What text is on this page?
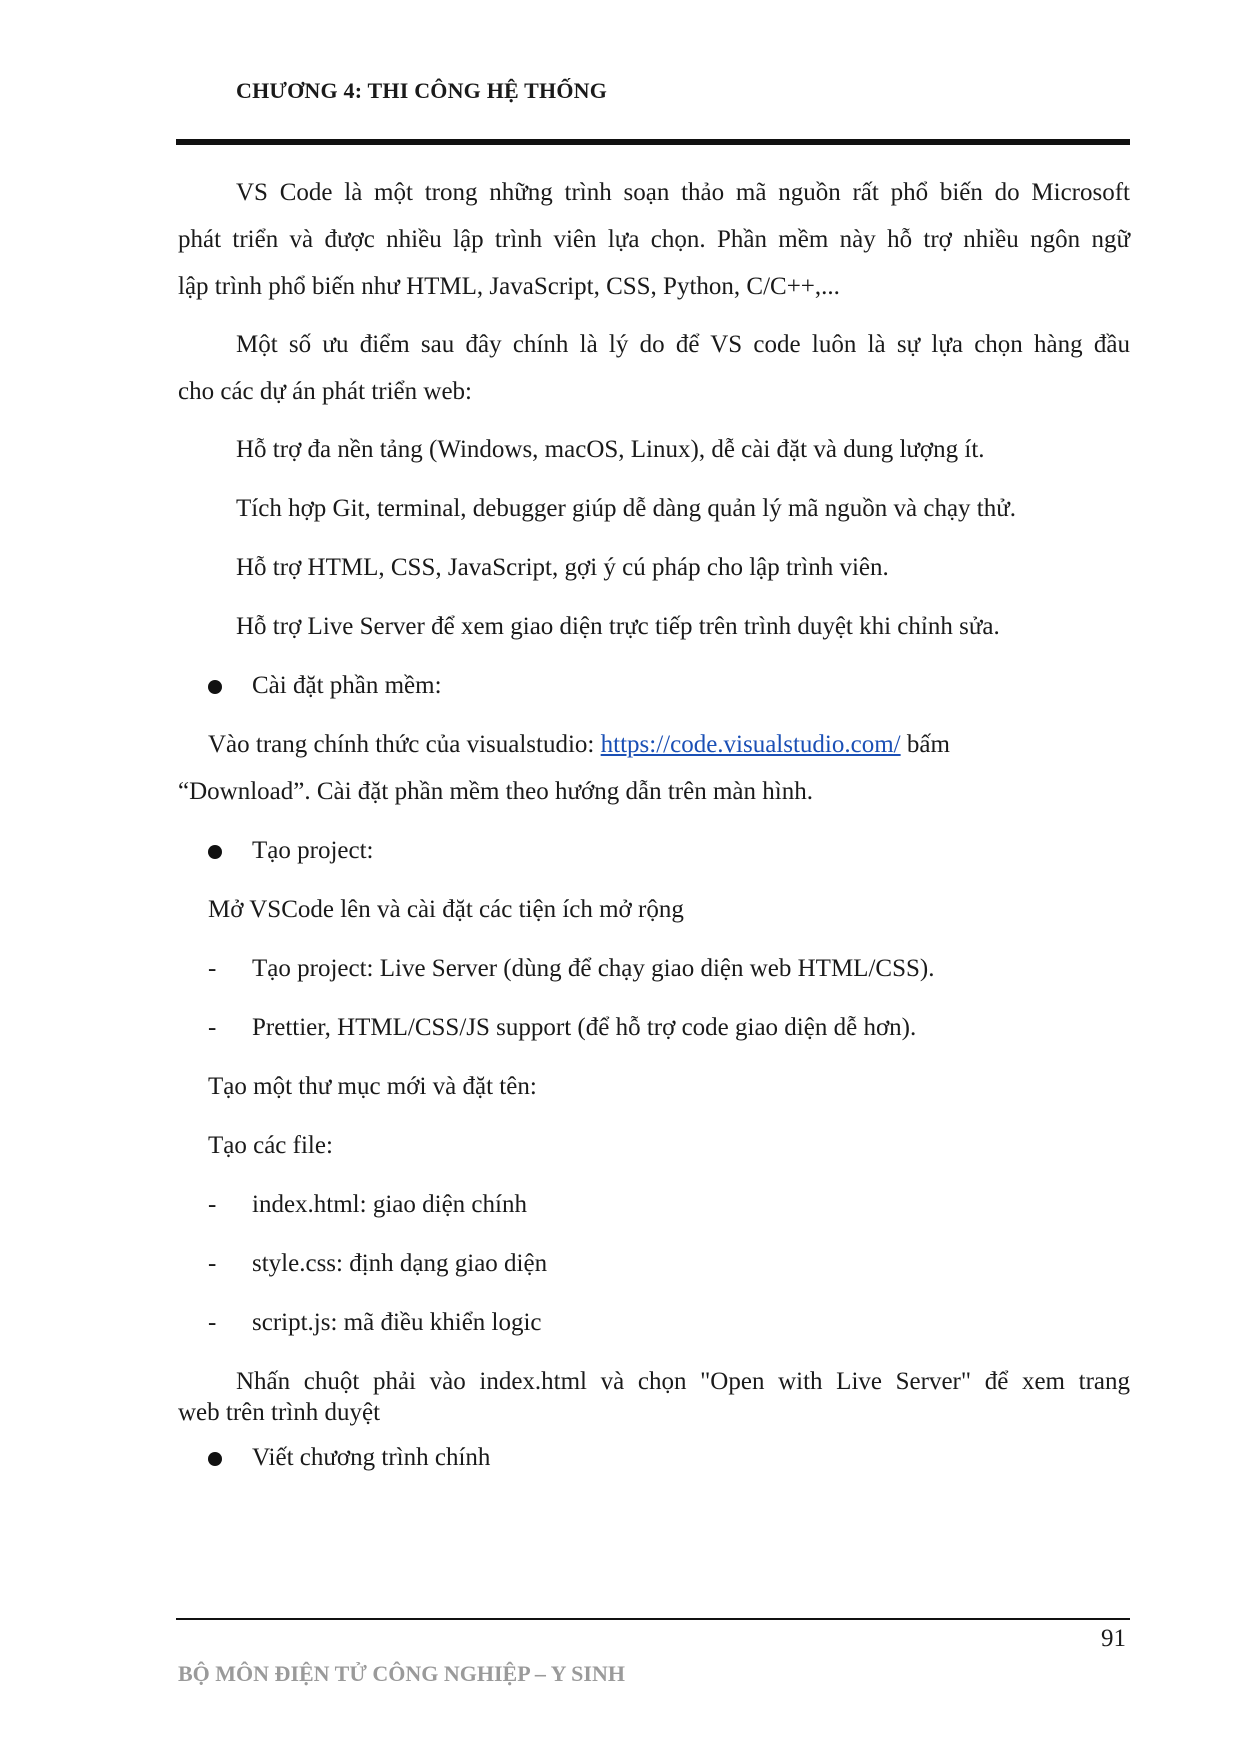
CHƯƠNG 4: THI CÔNG HỆ THỐNG
VS Code là một trong những trình soạn thảo mã nguồn rất phổ biến do Microsoft
phát triển và được nhiều lập trình viên lựa chọn. Phần mềm này hỗ trợ nhiều ngôn ngữ
lập trình phổ biến như HTML, JavaScript, CSS, Python, C/C++,...
Một số ưu điểm sau đây chính là lý do để VS code luôn là sự lựa chọn hàng đầu
cho các dự án phát triển web:
Hỗ trợ đa nền tảng (Windows, macOS, Linux), dễ cài đặt và dung lượng ít.
Tích hợp Git, terminal, debugger giúp dễ dàng quản lý mã nguồn và chạy thử.
Hỗ trợ HTML, CSS, JavaScript, gợi ý cú pháp cho lập trình viên.
Hỗ trợ Live Server để xem giao diện trực tiếp trên trình duyệt khi chỉnh sửa.
Cài đặt phần mềm:
Vào trang chính thức của visualstudio: https://code.visualstudio.com/ bấm
“Download”. Cài đặt phần mềm theo hướng dẫn trên màn hình.
Tạo project:
Mở VSCode lên và cài đặt các tiện ích mở rộng
- Tạo project: Live Server (dùng để chạy giao diện web HTML/CSS).
- Prettier, HTML/CSS/JS support (để hỗ trợ code giao diện dễ hơn).
Tạo một thư mục mới và đặt tên:
Tạo các file:
- index.html: giao diện chính
- style.css: định dạng giao diện
- script.js: mã điều khiển logic
Nhấn chuột phải vào index.html và chọn "Open with Live Server" để xem trang
web trên trình duyệt
Viết chương trình chính
91
BỘ MÔN ĐIỆN TỬ CÔNG NGHIỆP – Y SINH
